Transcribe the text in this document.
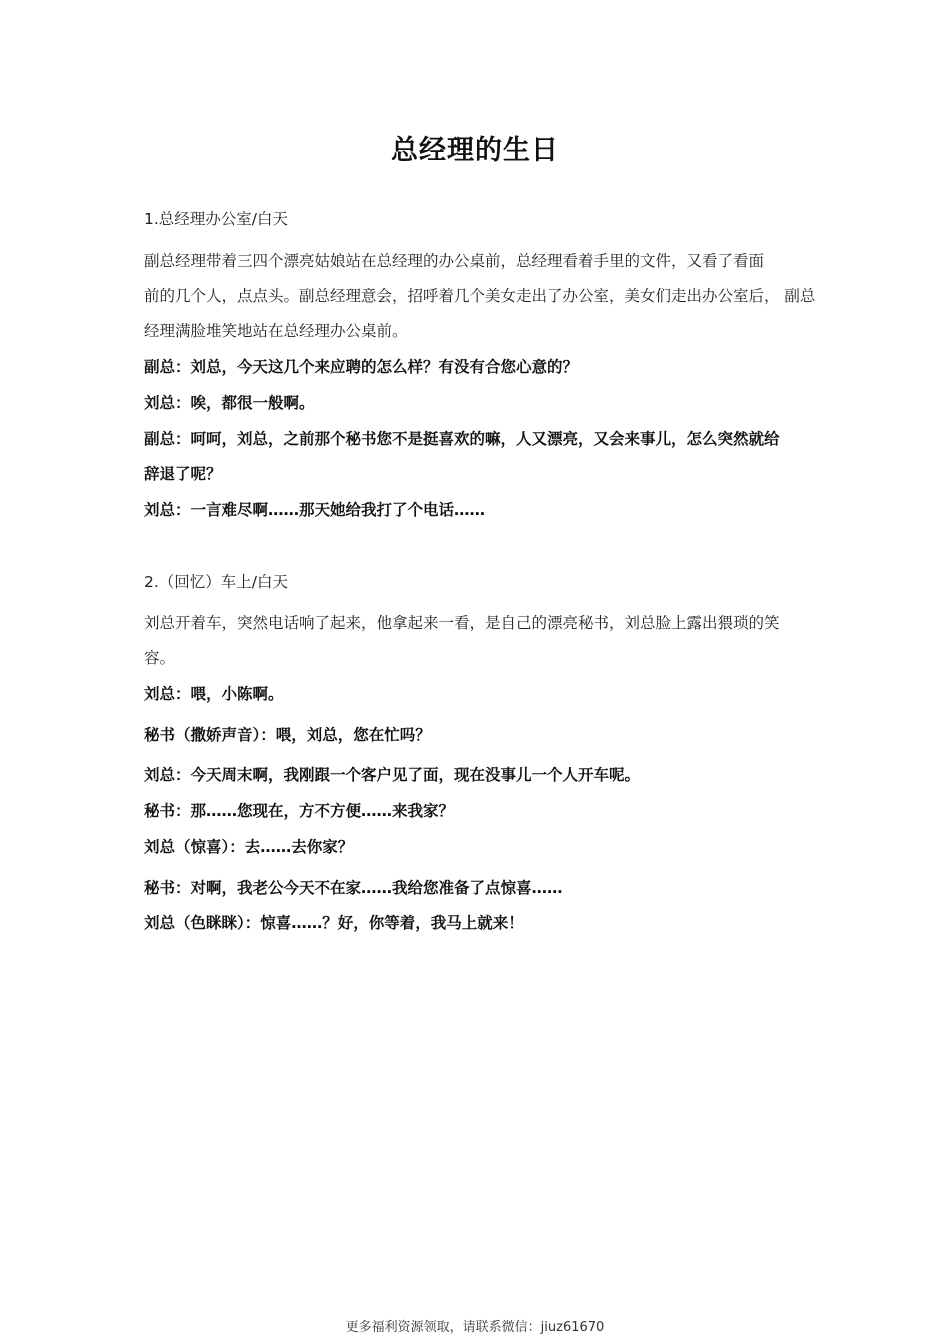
总经理的生日
1.总经理办公室/白天
副总经理带着三四个漂亮姑娘站在总经理的办公桌前，总经理看着手里的文件，又看了看面
前的几个人，点点头。副总经理意会，招呼着几个美女走出了办公室，美女们走出办公室后， 副总
经理满脸堆笑地站在总经理办公桌前。
副总：刘总，今天这几个来应聘的怎么样？有没有合您心意的？
刘总：唉，都很一般啊。
副总：呵呵，刘总，之前那个秘书您不是挺喜欢的嘛，人又漂亮，又会来事儿，怎么突然就给
辞退了呢？
刘总：一言难尽啊……那天她给我打了个电话……
2.（回忆）车上/白天
刘总开着车，突然电话响了起来，他拿起来一看，是自己的漂亮秘书，刘总脸上露出猥琐的笑
容。
刘总：喂，小陈啊。
秘书（撒娇声音）：喂，刘总，您在忙吗？
刘总：今天周末啊，我刚跟一个客户见了面，现在没事儿一个人开车呢。
秘书：那……您现在，方不方便……来我家？
刘总（惊喜）：去……去你家？
秘书：对啊，我老公今天不在家……我给您准备了点惊喜……
刘总（色眯眯）：惊喜……？好，你等着，我马上就来！
更多福利资源领取，请联系微信：jiuz61670
